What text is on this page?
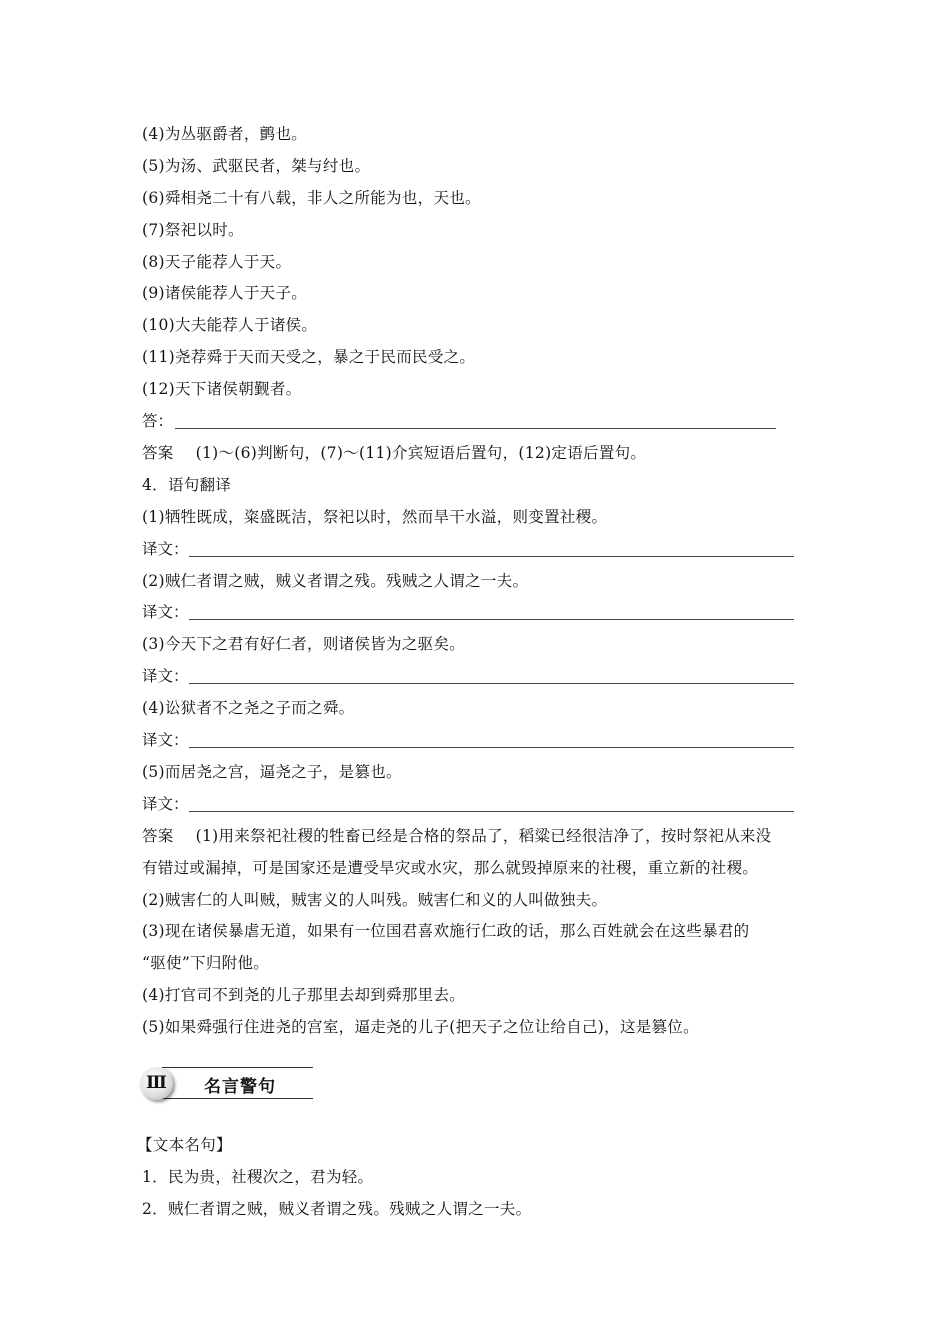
(4)为丛驱爵者，鹯也。
(5)为汤、武驱民者，桀与纣也。
(6)舜相尧二十有八载，非人之所能为也，天也。
(7)祭祀以时。
(8)天子能荐人于天。
(9)诸侯能荐人于天子。
(10)大夫能荐人于诸侯。
(11)尧荐舜于天而天受之，暴之于民而民受之。
(12)天下诸侯朝觐者。
答：
答案 (1)～(6)判断句，(7)～(11)介宾短语后置句，(12)定语后置句。
4．语句翻译
(1)牺牲既成，粢盛既洁，祭祀以时，然而旱干水溢，则变置社稷。
译文：
(2)贼仁者谓之贼，贼义者谓之残。残贼之人谓之一夫。
译文：
(3)今天下之君有好仁者，则诸侯皆为之驱矣。
译文：
(4)讼狱者不之尧之子而之舜。
译文：
(5)而居尧之宫，逼尧之子，是篡也。
译文：
答案 (1)用来祭祀社稷的牲畜已经是合格的祭品了，稻粱已经很洁净了，按时祭祀从来没
有错过或漏掉，可是国家还是遭受旱灾或水灾，那么就毁掉原来的社稷，重立新的社稷。
(2)贼害仁的人叫贼，贼害义的人叫残。贼害仁和义的人叫做独夫。
(3)现在诸侯暴虐无道，如果有一位国君喜欢施行仁政的话，那么百姓就会在这些暴君的
“驱使”下归附他。
(4)打官司不到尧的儿子那里去却到舜那里去。
(5)如果舜强行住进尧的宫室，逼走尧的儿子(把天子之位让给自己)，这是篡位。
Ⅲ	名言警句
【文本名句】
1．民为贵，社稷次之，君为轻。
2．贼仁者谓之贼，贼义者谓之残。残贼之人谓之一夫。
